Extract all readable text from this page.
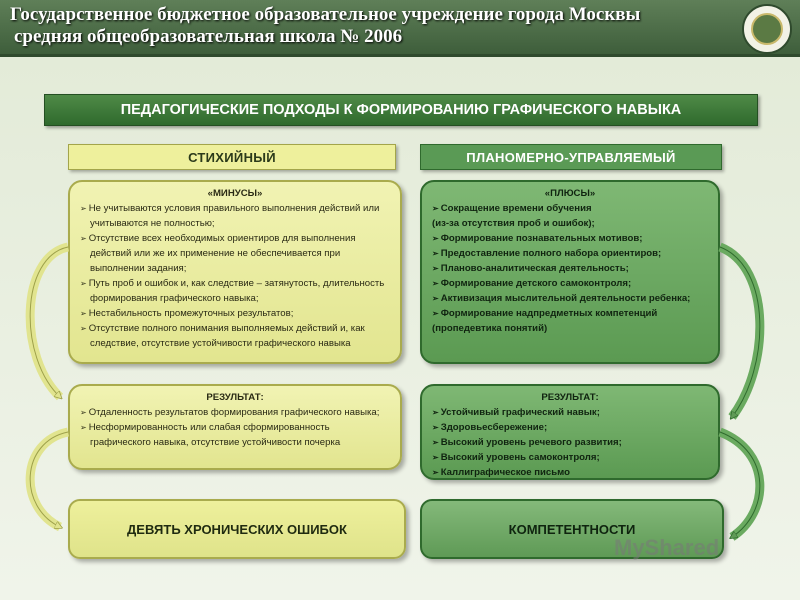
Государственное бюджетное образовательное учреждение города Москвы
средняя общеобразовательная школа № 2006
ПЕДАГОГИЧЕСКИЕ ПОДХОДЫ К ФОРМИРОВАНИЮ ГРАФИЧЕСКОГО НАВЫКА
СТИХИЙНЫЙ	ПЛАНОМЕРНО-УПРАВЛЯЕМЫЙ
«МИНУСЫ»
➢ Не учитываются условия правильного выполнения действий или учитываются не полностью;
➢ Отсутствие всех необходимых ориентиров для выполнения действий или же их применение не обеспечивается при выполнении задания;
➢ Путь проб и ошибок и, как следствие – затянутость, длительность формирования графического навыка;
➢ Нестабильность промежуточных результатов;
➢ Отсутствие полного понимания выполняемых действий и, как следствие, отсутствие устойчивости графического навыка
«ПЛЮСЫ»
➢ Сокращение времени обучения
(из-за отсутствия проб и ошибок);
➢ Формирование познавательных мотивов;
➢ Предоставление полного набора ориентиров;
➢ Планово-аналитическая деятельность;
➢ Формирование детского самоконтроля;
➢ Активизация мыслительной деятельности ребенка;
➢ Формирование надпредметных компетенций
(пропедевтика понятий)
РЕЗУЛЬТАТ:
➢ Отдаленность результатов формирования графического навыка;
➢ Несформированность или слабая сформированность графического навыка, отсутствие устойчивости почерка
РЕЗУЛЬТАТ:
➢ Устойчивый графический навык;
➢ Здоровьесбережение;
➢ Высокий уровень речевого развития;
➢ Высокий уровень самоконтроля;
➢ Каллиграфическое письмо
ДЕВЯТЬ ХРОНИЧЕСКИХ ОШИБОК	КОМПЕТЕНТНОСТИ
MyShared
